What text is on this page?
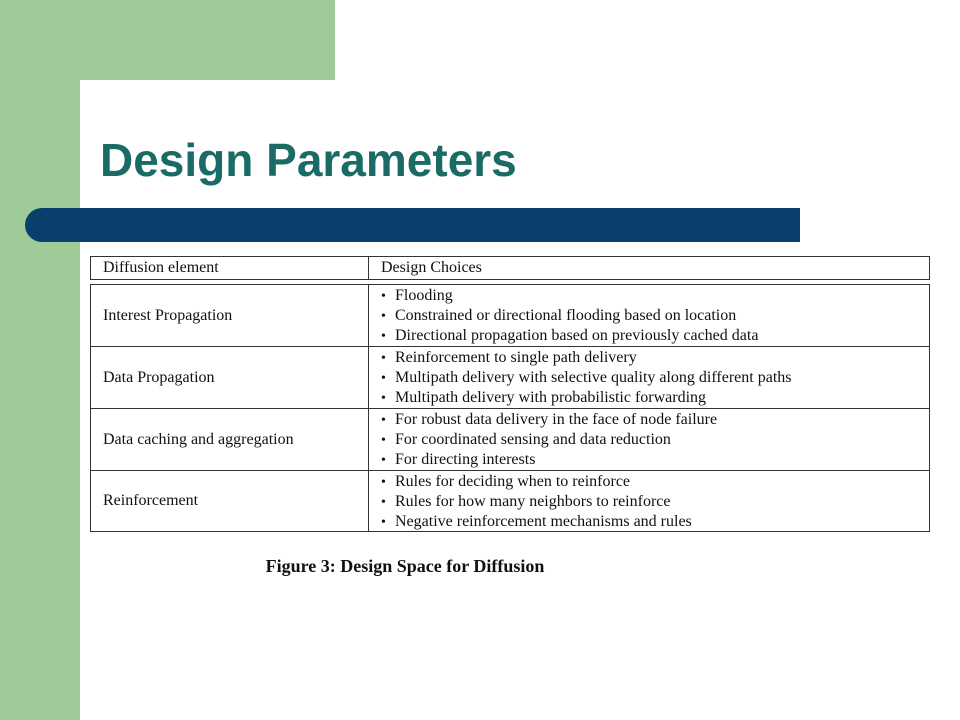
Design Parameters
Diffusion element	Design Choices
Interest Propagation
• Flooding
• Constrained or directional flooding based on location
• Directional propagation based on previously cached data
Data Propagation
• Reinforcement to single path delivery
• Multipath delivery with selective quality along different paths
• Multipath delivery with probabilistic forwarding
Data caching and aggregation
• For robust data delivery in the face of node failure
• For coordinated sensing and data reduction
• For directing interests
Reinforcement
• Rules for deciding when to reinforce
• Rules for how many neighbors to reinforce
• Negative reinforcement mechanisms and rules
Figure 3: Design Space for Diffusion
